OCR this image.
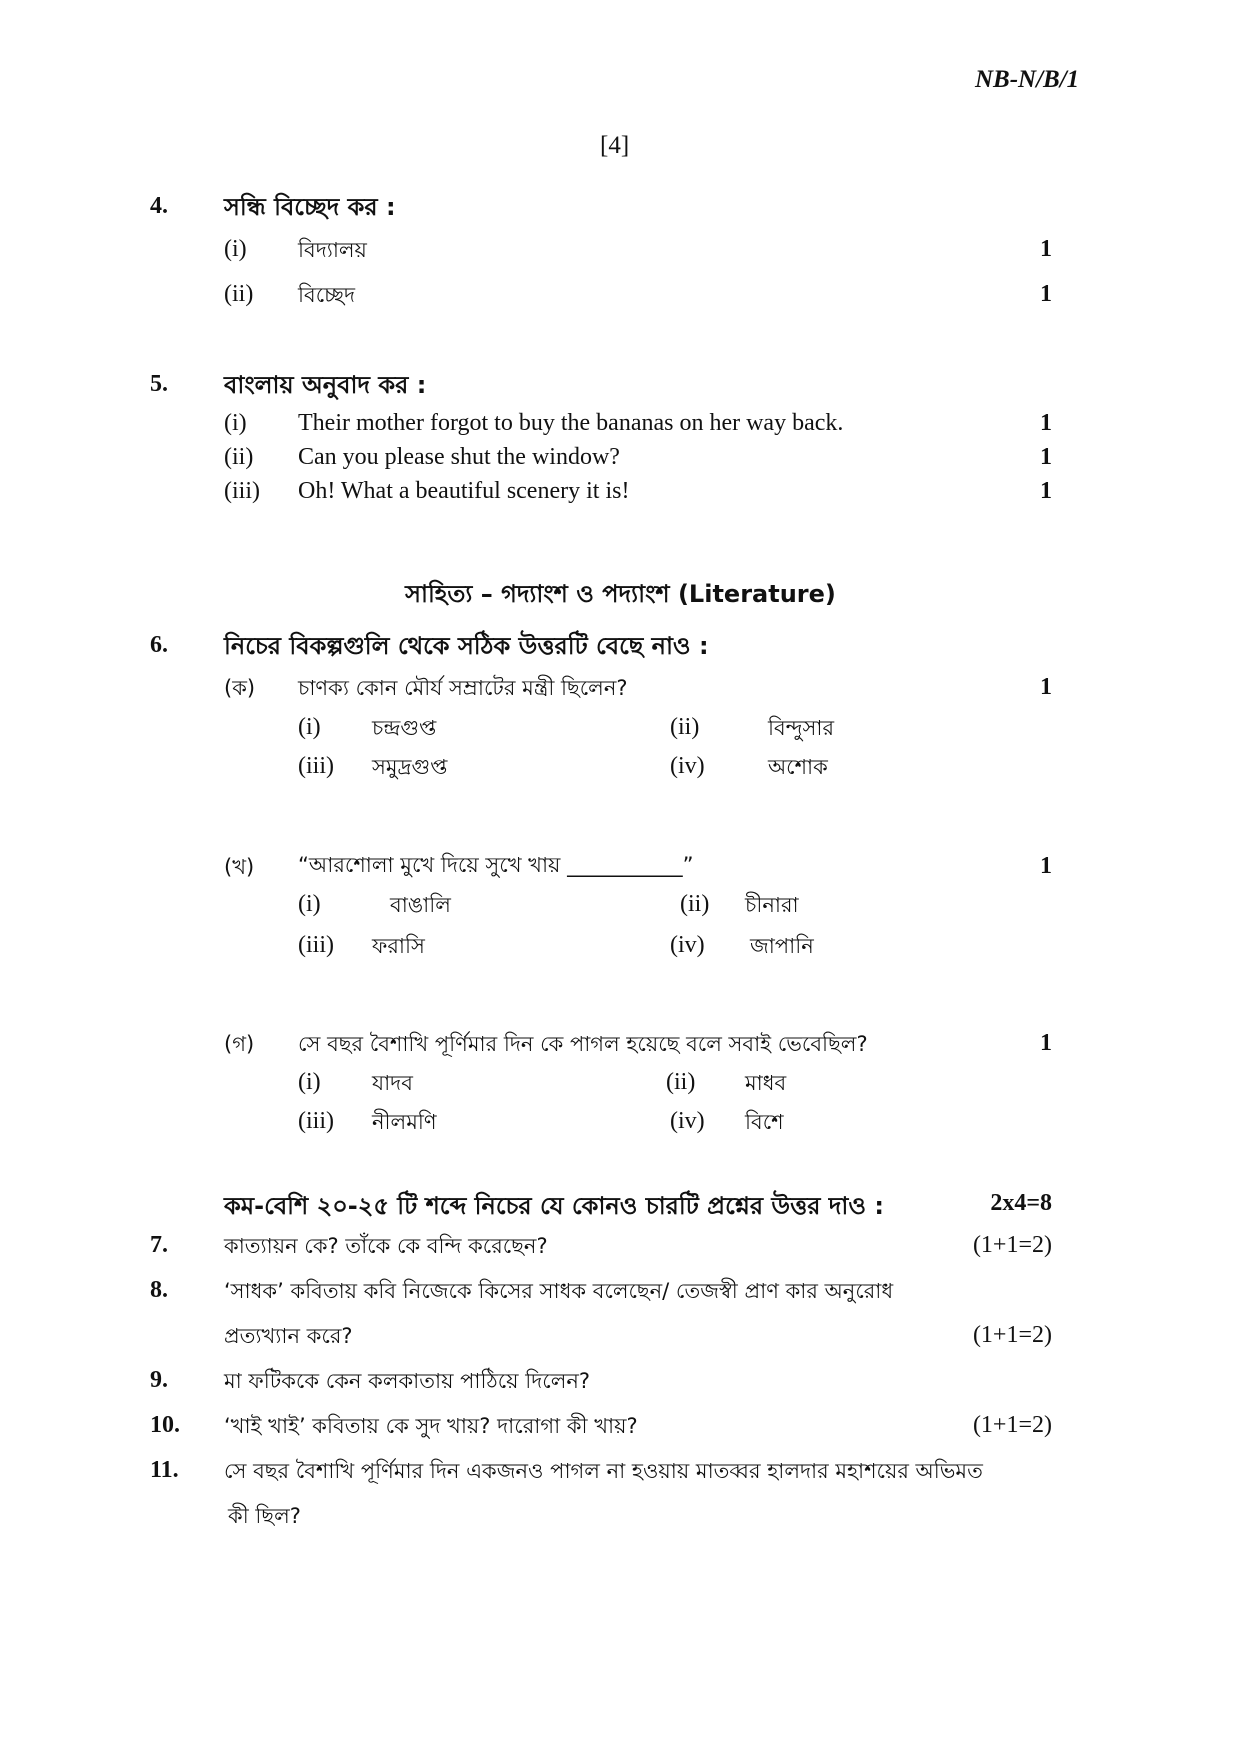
NB-N/B/1
[4]
4. সন্ধি বিচ্ছেদ কর :
(i) বিদ্যালয়	1
(ii) বিচ্ছেদ	1
5. বাংলায় অনুবাদ কর :
(i) Their mother forgot to buy the bananas on her way back.	1
(ii) Can you please shut the window?	1
(iii) Oh! What a beautiful scenery it is!	1
সাহিত্য – গদ্যাংশ ও পদ্যাংশ (Literature)
6. নিচের বিকল্পগুলি থেকে সঠিক উত্তরটি বেছে নাও :
(ক) চাণক্য কোন মৌর্য সম্রাটের মন্ত্রী ছিলেন?	1
(i) চন্দ্রগুপ্ত	(ii)	বিন্দুসার
(iii) সমুদ্রগুপ্ত	(iv)	অশোক
(খ) “আরশোলা মুখে দিয়ে সুখে খায় ___________”	1
(i)	বাঙালি	(ii) চীনারা
(iii) ফরাসি	(iv) জাপানি
(গ) সে বছর বৈশাখি পূর্ণিমার দিন কে পাগল হয়েছে বলে সবাই ভেবেছিল?	1
(i) যাদব	(ii) মাধব
(iii) নীলমণি	(iv) বিশে
কম-বেশি ২০-২৫ টি শব্দে নিচের যে কোনও চারটি প্রশ্নের উত্তর দাও :	2x4=8
7.	কাত্যায়ন কে? তাঁকে কে বন্দি করেছেন?	(1+1=2)
8.	‘সাধক’ কবিতায় কবি নিজেকে কিসের সাধক বলেছেন/ তেজস্বী প্রাণ কার অনুরোধ
প্রত্যখ্যান করে?	(1+1=2)
9.	মা ফটিককে কেন কলকাতায় পাঠিয়ে দিলেন?
10. ‘খাই খাই’ কবিতায় কে সুদ খায়? দারোগা কী খায়?	(1+1=2)
11. সে বছর বৈশাখি পূর্ণিমার দিন একজনও পাগল না হওয়ায় মাতব্বর হালদার মহাশয়ের অভিমত
কী ছিল?
